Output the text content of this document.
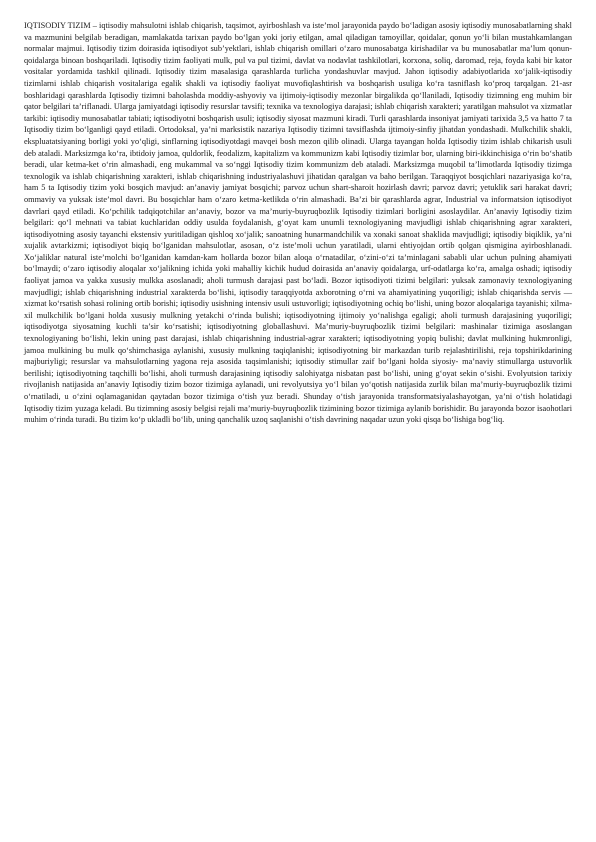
IQTISODIY TIZIM – iqtisodiy mahsulotni ishlab chiqarish, taqsimot, ayirboshlash va iste’mol jarayonida paydo bo‘ladigan asosiy iqtisodiy munosabatlarning shakl va mazmunini belgilab beradigan, mamlakatda tarixan paydo bo‘lgan yoki joriy etilgan, amal qiladigan tamoyillar, qoidalar, qonun yo‘li bilan mustahkamlangan normalar majmui. Iqtisodiy tizim doirasida iqtisodiyot sub’yektlari, ishlab chiqarish omillari o‘zaro munosabatga kirishadilar va bu munosabatlar ma’lum qonun-qoidalarga binoan boshqariladi. Iqtisodiy tizim faoliyati mulk, pul va pul tizimi, davlat va nodavlat tashkilotlari, korxona, soliq, daromad, reja, foyda kabi bir kator vositalar yordamida tashkil qilinadi. Iqtisodiy tizim masalasiga qarashlarda turlicha yondashuvlar mavjud. Jahon iqtisodiy adabiyotlarida xo‘jalik-iqtisodiy tizimlarni ishlab chiqarish vositalariga egalik shakli va iqtisodiy faoliyat muvofiqlashtirish va boshqarish usuliga ko‘ra tasniflash ko‘proq tarqalgan. 21-asr boshlaridagi qarashlarda Iqtisodiy tizimni baholashda moddiy-ashyoviy va ijtimoiy-iqtisodiy mezonlar birgalikda qo‘llaniladi, Iqtisodiy tizimning eng muhim bir qator belgilari ta’riflanadi. Ularga jamiyatdagi iqtisodiy resurslar tavsifi; texnika va texnologiya darajasi; ishlab chiqarish xarakteri; yaratilgan mahsulot va xizmatlar tarkibi: iqtisodiy munosabatlar tabiati; iqtisodiyotni boshqarish usuli; iqtisodiy siyosat mazmuni kiradi. Turli qarashlarda insoniyat jamiyati tarixida 3,5 va hatto 7 ta Iqtisodiy tizim bo‘lganligi qayd etiladi. Ortodoksal, ya’ni marksistik nazariya Iqtisodiy tizimni tavsiflashda ijtimoiy-sinfiy jihatdan yondashadi. Mulkchilik shakli, ekspluatatsiyaning borligi yoki yo‘qligi, sinflarning iqtisodiyotdagi mavqei bosh mezon qilib olinadi. Ularga tayangan holda Iqtisodiy tizim ishlab chikarish usuli deb ataladi. Marksizmga ko‘ra, ibtidoiy jamoa, quldorlik, feodalizm, kapitalizm va kommunizm kabi Iqtisodiy tizimlar bor, ularning biri-ikkinchisiga o‘rin bo‘shatib beradi, ular ketma-ket o‘rin almashadi, eng mukammal va so‘nggi Iqtisodiy tizim kommunizm deb ataladi. Marksizmga muqobil ta’limotlarda Iqtisodiy tizimga texnologik va ishlab chiqarishning xarakteri, ishlab chiqarishning industriyalashuvi jihatidan qaralgan va baho berilgan. Taraqqiyot bosqichlari nazariyasiga ko‘ra, ham 5 ta Iqtisodiy tizim yoki bosqich mavjud: an’anaviy jamiyat bosqichi; parvoz uchun shart-sharoit hozirlash davri; parvoz davri; yetuklik sari harakat davri; ommaviy va yuksak iste’mol davri. Bu bosqichlar ham o‘zaro ketma-ketlikda o‘rin almashadi. Ba’zi bir qarashlarda agrar, Industrial va informatsion iqtisodiyot davrlari qayd etiladi. Ko‘pchilik tadqiqotchilar an’anaviy, bozor va ma’muriy-buyruqbozlik Iqtisodiy tizimlari borligini asoslaydilar. An’anaviy Iqtisodiy tizim belgilari: qo‘l mehnati va tabiat kuchlaridan oddiy usulda foydalanish, g‘oyat kam unumli texnologiyaning mavjudligi ishlab chiqarishning agrar xarakteri, iqtisodiyotning asosiy tayanchi ekstensiv yuritiladigan qishloq xo‘jalik; sanoatning hunarmandchilik va xonaki sanoat shaklida mavjudligi; iqtisodiy biqiklik, ya’ni xujalik avtarkizmi; iqtisodiyot biqiq bo‘lganidan mahsulotlar, asosan, o‘z iste’moli uchun yaratiladi, ularni ehtiyojdan ortib qolgan qismigina ayirboshlanadi. Xo‘jaliklar natural iste’molchi bo‘lganidan kamdan-kam hollarda bozor bilan aloqa o‘rnatadilar, o‘zini-o‘zi ta’minlagani sababli ular uchun pulning ahamiyati bo‘lmaydi; o‘zaro iqtisodiy aloqalar xo‘jalikning ichida yoki mahalliy kichik hudud doirasida an’anaviy qoidalarga, urf-odatlarga ko‘ra, amalga oshadi; iqtisodiy faoliyat jamoa va yakka xususiy mulkka asoslanadi; aholi turmush darajasi past bo‘ladi. Bozor iqtisodiyoti tizimi belgilari: yuksak zamonaviy texnologiyaning mavjudligi; ishlab chiqarishning industrial xarakterda bo‘lishi, iqtisodiy taraqqiyotda axborotning o‘rni va ahamiyatining yuqoriligi; ishlab chiqarishda servis — xizmat ko‘rsatish sohasi rolining ortib borishi; iqtisodiy usishning intensiv usuli ustuvorligi; iqtisodiyotning ochiq bo‘lishi, uning bozor aloqalariga tayanishi; xilma-xil mulkchilik bo‘lgani holda xususiy mulkning yetakchi o‘rinda bulishi; iqtisodiyotning ijtimoiy yo‘nalishga egaligi; aholi turmush darajasining yuqoriligi; iqtisodiyotga siyosatning kuchli ta’sir ko‘rsatishi; iqtisodiyotning globallashuvi. Ma’muriy-buyruqbozlik tizimi belgilari: mashinalar tizimiga asoslangan texnologiyaning bo‘lishi, lekin uning past darajasi, ishlab chiqarishning industrial-agrar xarakteri; iqtisodiyotning yopiq bulishi; davlat mulkining hukmronligi, jamoa mulkining bu mulk qo‘shimchasiga aylanishi, xususiy mulkning taqiqlanishi; iqtisodiyotning bir markazdan turib rejalashtirilishi, reja topshirikdarining majburiyligi; resurslar va mahsulotlarning yagona reja asosida taqsimlanishi; iqtisodiy stimullar zaif bo‘lgani holda siyosiy- ma’naviy stimullarga ustuvorlik berilishi; iqtisodiyotning taqchilli bo‘lishi, aholi turmush darajasining iqtisodiy salohiyatga nisbatan past bo‘lishi, uning g‘oyat sekin o‘sishi. Evolyutsion tarixiy rivojlanish natijasida an’anaviy Iqtisodiy tizim bozor tizimiga aylanadi, uni revolyutsiya yo‘l bilan yo‘qotish natijasida zurlik bilan ma’muriy-buyruqbozlik tizimi o‘rnatiladi, u o‘zini oqlamaganidan qaytadan bozor tizimiga o‘tish yuz beradi. Shunday o‘tish jarayonida transformatsiyalashayotgan, ya’ni o‘tish holatidagi Iqtisodiy tizim yuzaga keladi. Bu tizimning asosiy belgisi rejali ma’muriy-buyruqbozlik tizimining bozor tizimiga aylanib borishidir. Bu jarayonda bozor isaohotlari muhim o‘rinda turadi. Bu tizim ko‘p ukladli bo‘lib, uning qanchalik uzoq saqlanishi o‘tish davrining naqadar uzun yoki qisqa bo‘lishiga bog‘liq.
